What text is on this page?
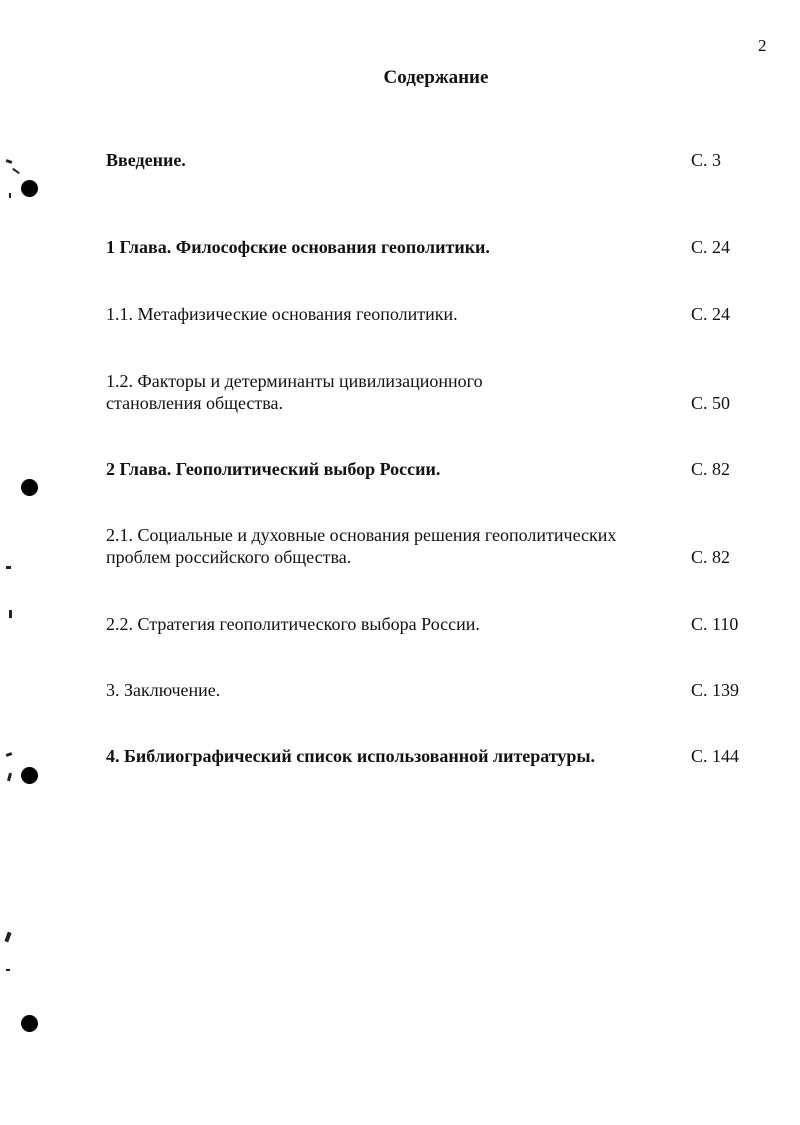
2
Содержание
Введение.	С. 3
1 Глава. Философские основания геополитики.	С. 24
1.1. Метафизические основания геополитики.	С. 24
1.2. Факторы и детерминанты цивилизационного
становления общества.	С. 50
2 Глава. Геополитический выбор России.	С. 82
2.1. Социальные и духовные основания решения геополитических
проблем российского общества.	С. 82
2.2. Стратегия геополитического выбора России.	С. 110
3. Заключение.	С. 139
4. Библиографический список использованной литературы.	С. 144
